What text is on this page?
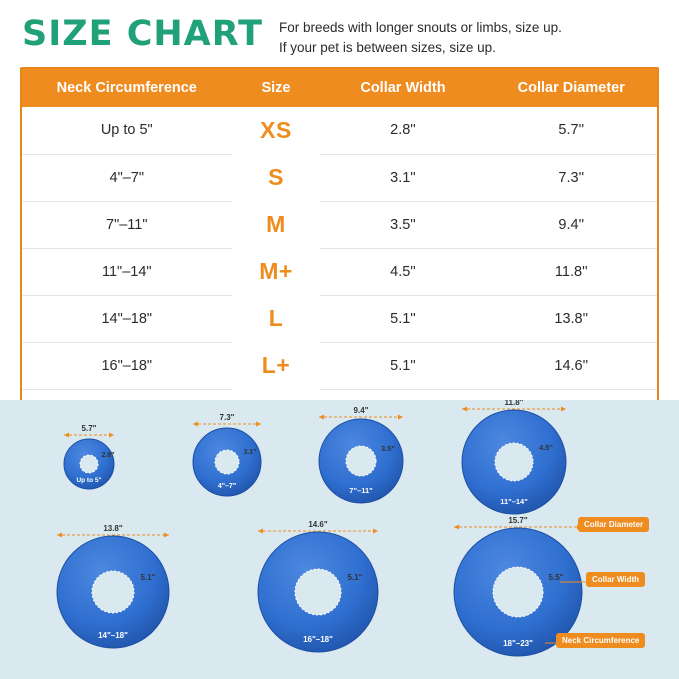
SIZE CHART For breeds with longer snouts or limbs, size up.
If your pet is between sizes, size up.
Neck Circumference	Size	Collar Width	Collar Diameter
Up to 5"	XS	2.8''	5.7''
4"–7"	S	3.1''	7.3''
7"–11"	M	3.5''	9.4''
11"–14"	M+	4.5''	11.8''
14"–18"	L	5.1''	13.8''
16"–18"	L+	5.1''	14.6''

5.7"
2.8"
Up to 5"
7.3"
3.1"
4"–7"
9.4"
3.5"
7"–11"
11.8"
4.5"
11"–14"
13.8"
5.1"
14"–18"
14.6"
5.1"
16"–18"
15.7"
5.5"
18"–23"
Collar Diameter
Collar Width
Neck Circumference
